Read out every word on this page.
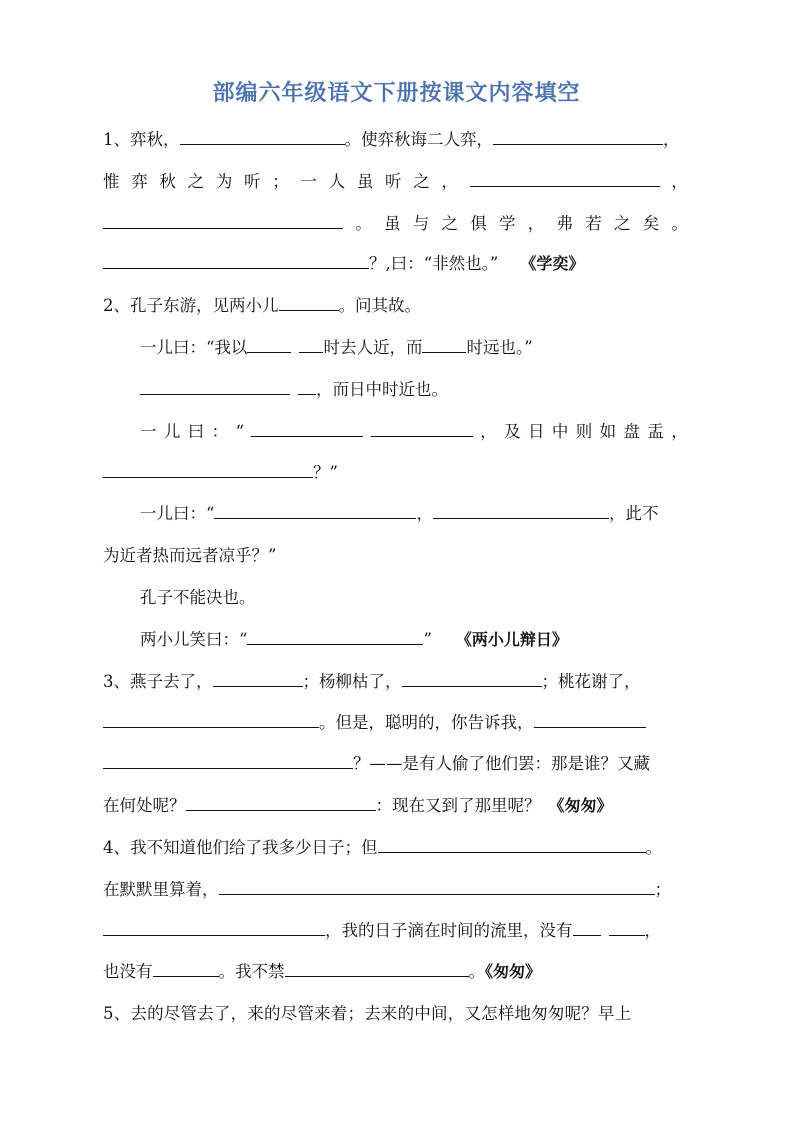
部编六年级语文下册按课文内容填空
1、弈秋，	。使弈秋诲二人弈，	，
惟 弈 秋 之 为 听 ； 一 人 虽 听 之 ，	，
。 虽 与 之 俱 学 ， 弗 若 之 矣 。
？,曰：“非然也。” 《学奕》
2、孔子东游，见两小儿	。问其故。
一儿曰：“我以	时去人近，而	时远也。”
，而日中时近也。
一 儿 曰 ： “	， 及 日 中 则 如 盘 盂 ，
？”
一儿曰：“	，	，此不
为近者热而远者凉乎？”
孔子不能决也。
两小儿笑曰：“	” 《两小儿辩日》
3、燕子去了，	；杨柳枯了，	；桃花谢了，
。但是，聪明的，你告诉我，
？——是有人偷了他们罢：那是谁？又藏
在何处呢？	：现在又到了那里呢？ 《匆匆》
4、我不知道他们给了我多少日子；但	。
在默默里算着，	；
，我的日子滴在时间的流里，没有	，
也没有	。我不禁	。《匆匆》
5、去的尽管去了，来的尽管来着；去来的中间，又怎样地匆匆呢？早上
